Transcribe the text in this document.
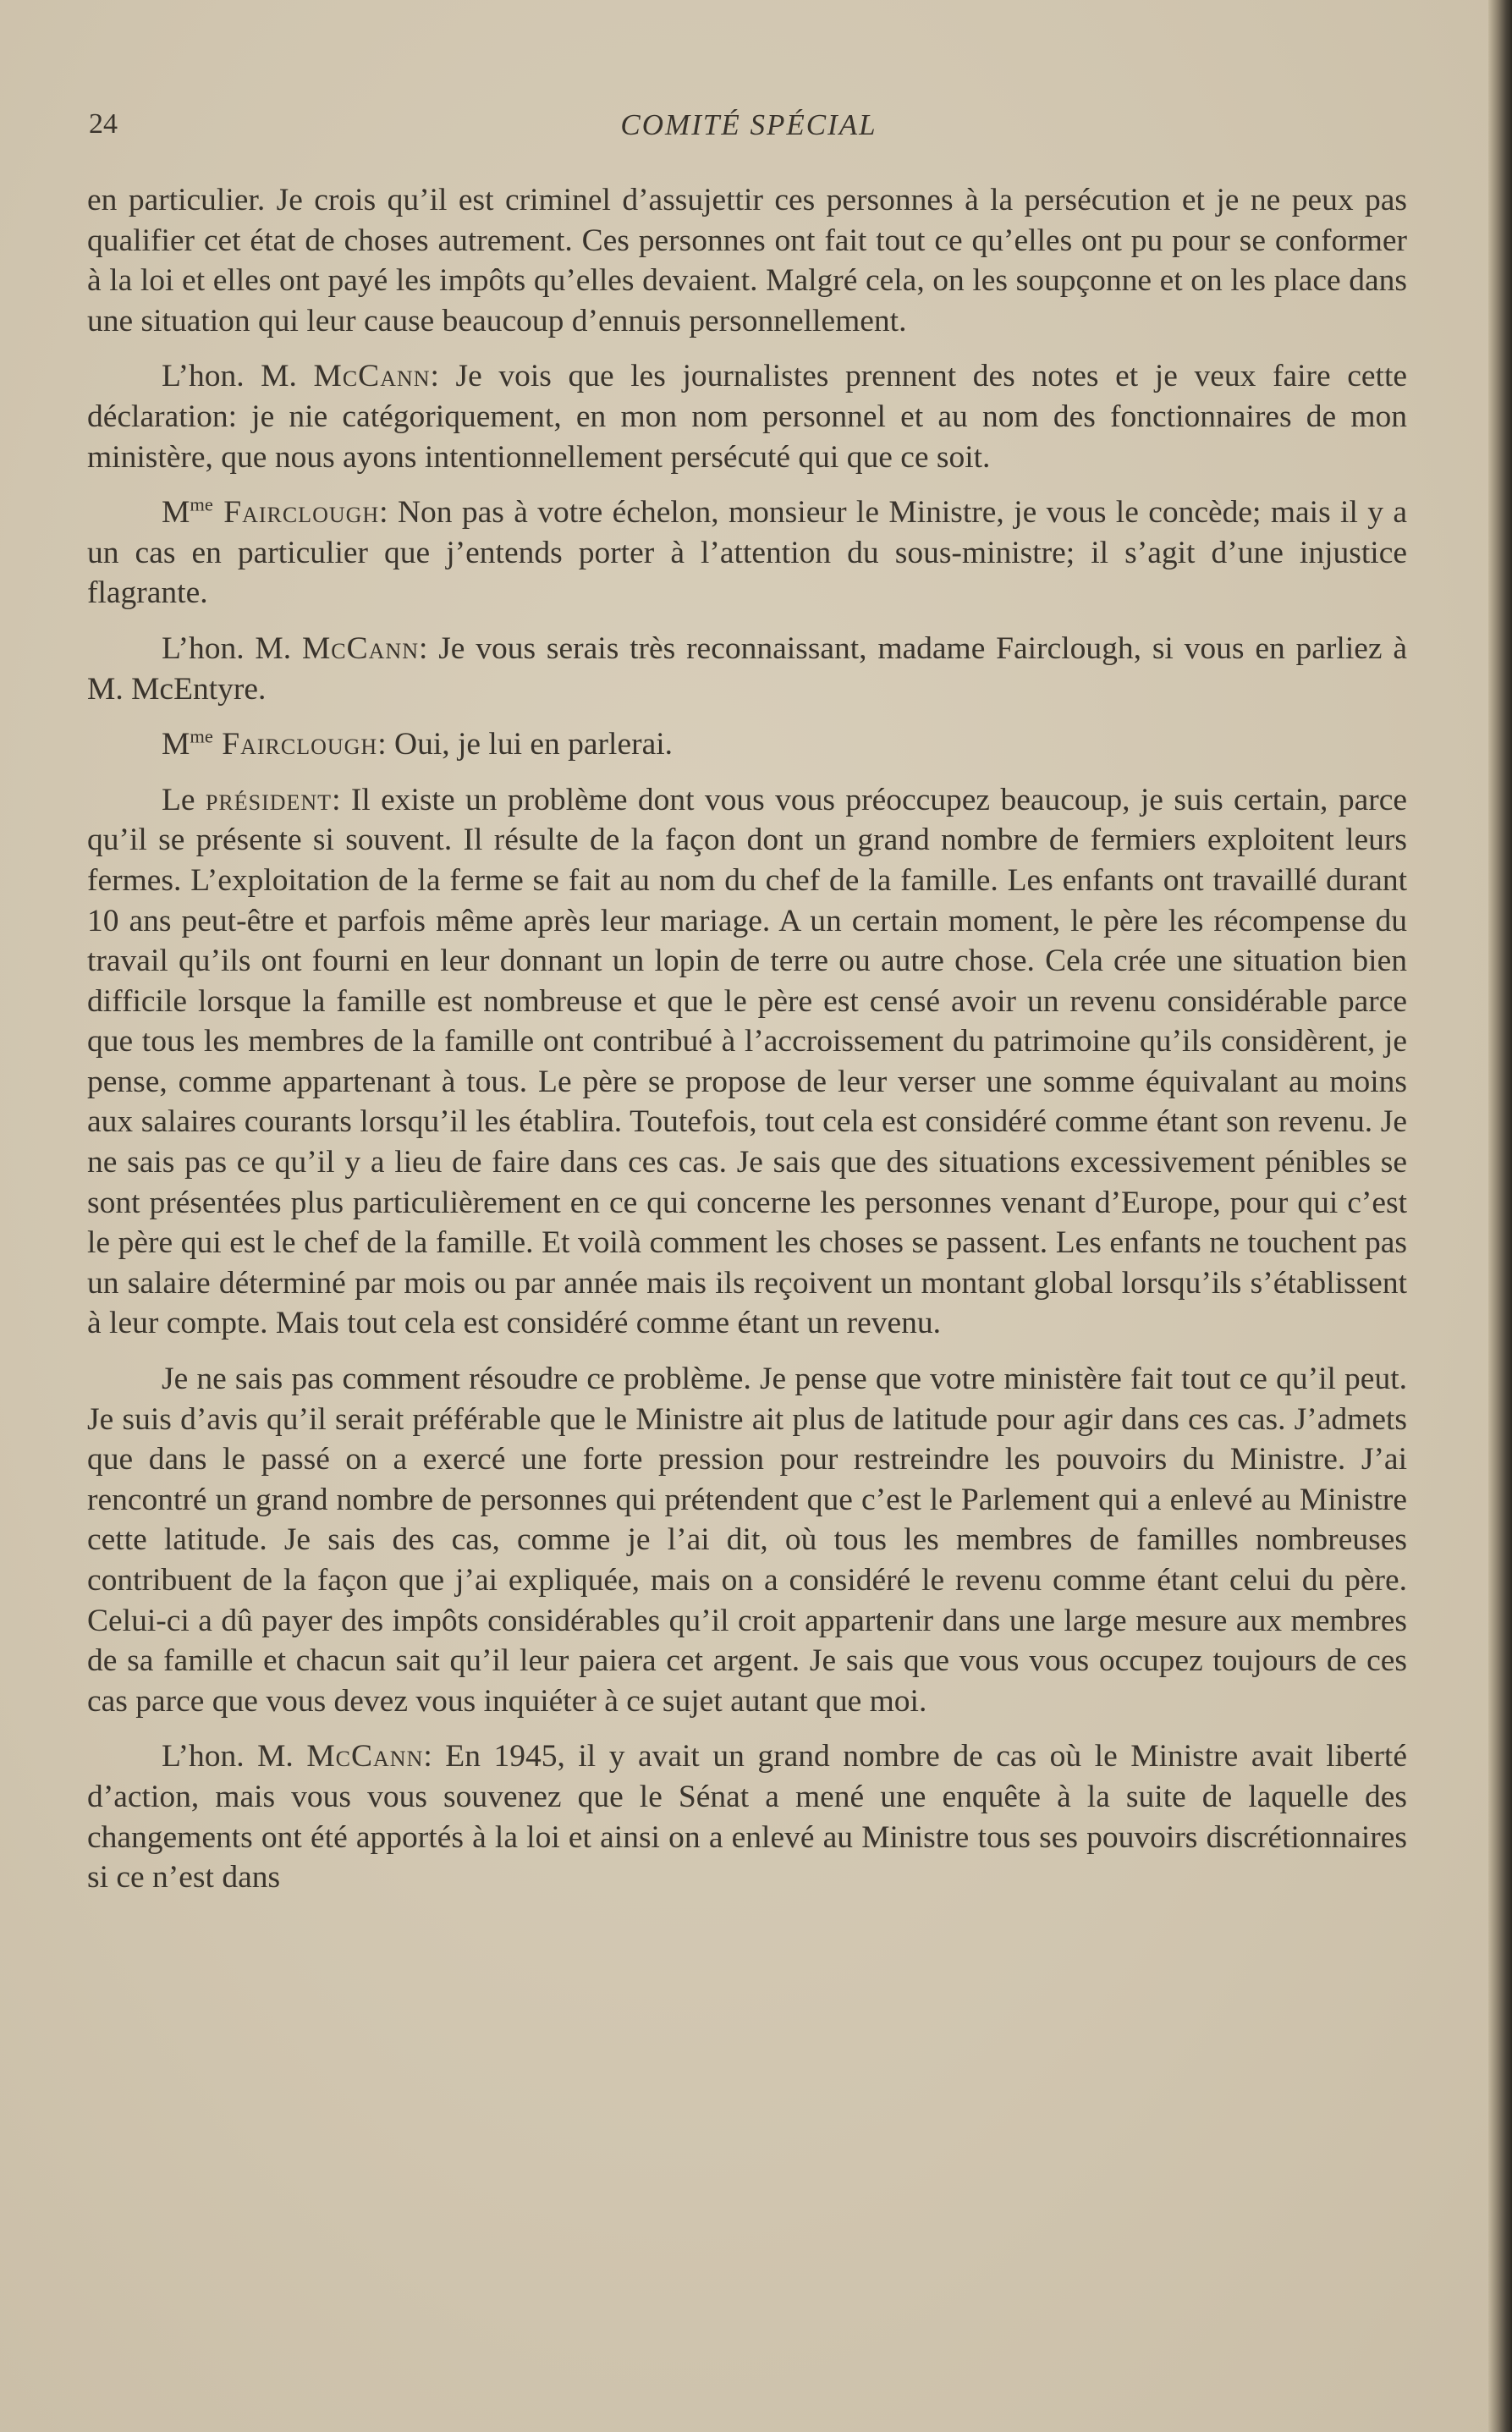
24	COMITÉ SPÉCIAL

en particulier. Je crois qu’il est criminel d’assujettir ces personnes à la persécution et je ne peux pas qualifier cet état de choses autrement. Ces personnes ont fait tout ce qu’elles ont pu pour se conformer à la loi et elles ont payé les impôts qu’elles devaient. Malgré cela, on les soupçonne et on les place dans une situation qui leur cause beaucoup d’ennuis personnellement.

L’hon. M. McCann: Je vois que les journalistes prennent des notes et je veux faire cette déclaration: je nie catégoriquement, en mon nom personnel et au nom des fonctionnaires de mon ministère, que nous ayons intentionnellement persécuté qui que ce soit.

$M^{me}$ Fairclough: Non pas à votre échelon, monsieur le Ministre, je vous le concède; mais il y a un cas en particulier que j’entends porter à l’attention du sous-ministre; il s’agit d’une injustice flagrante.

L’hon. M. McCann: Je vous serais très reconnaissant, madame Fairclough, si vous en parliez à M. McEntyre.

$M^{me}$ Fairclough: Oui, je lui en parlerai.

Le président: Il existe un problème dont vous vous préoccupez beaucoup, je suis certain, parce qu’il se présente si souvent. Il résulte de la façon dont un grand nombre de fermiers exploitent leurs fermes. L’exploitation de la ferme se fait au nom du chef de la famille. Les enfants ont travaillé durant 10 ans peut-être et parfois même après leur mariage. A un certain moment, le père les récompense du travail qu’ils ont fourni en leur donnant un lopin de terre ou autre chose. Cela crée une situation bien difficile lorsque la famille est nombreuse et que le père est censé avoir un revenu considérable parce que tous les membres de la famille ont contribué à l’accroissement du patrimoine qu’ils considèrent, je pense, comme appartenant à tous. Le père se propose de leur verser une somme équivalant au moins aux salaires courants lorsqu’il les établira. Toutefois, tout cela est considéré comme étant son revenu. Je ne sais pas ce qu’il y a lieu de faire dans ces cas. Je sais que des situations excessivement pénibles se sont présentées plus particulièrement en ce qui concerne les personnes venant d’Europe, pour qui c’est le père qui est le chef de la famille. Et voilà comment les choses se passent. Les enfants ne touchent pas un salaire déterminé par mois ou par année mais ils reçoivent un montant global lorsqu’ils s’établissent à leur compte. Mais tout cela est considéré comme étant un revenu.

Je ne sais pas comment résoudre ce problème. Je pense que votre ministère fait tout ce qu’il peut. Je suis d’avis qu’il serait préférable que le Ministre ait plus de latitude pour agir dans ces cas. J’admets que dans le passé on a exercé une forte pression pour restreindre les pouvoirs du Ministre. J’ai rencontré un grand nombre de personnes qui prétendent que c’est le Parlement qui a enlevé au Ministre cette latitude. Je sais des cas, comme je l’ai dit, où tous les membres de familles nombreuses contribuent de la façon que j’ai expliquée, mais on a considéré le revenu comme étant celui du père. Celui-ci a dû payer des impôts considérables qu’il croit appartenir dans une large mesure aux membres de sa famille et chacun sait qu’il leur paiera cet argent. Je sais que vous vous occupez toujours de ces cas parce que vous devez vous inquiéter à ce sujet autant que moi.

L’hon. M. McCann: En 1945, il y avait un grand nombre de cas où le Ministre avait liberté d’action, mais vous vous souvenez que le Sénat a mené une enquête à la suite de laquelle des changements ont été apportés à la loi et ainsi on a enlevé au Ministre tous ses pouvoirs discrétionnaires si ce n’est dans
